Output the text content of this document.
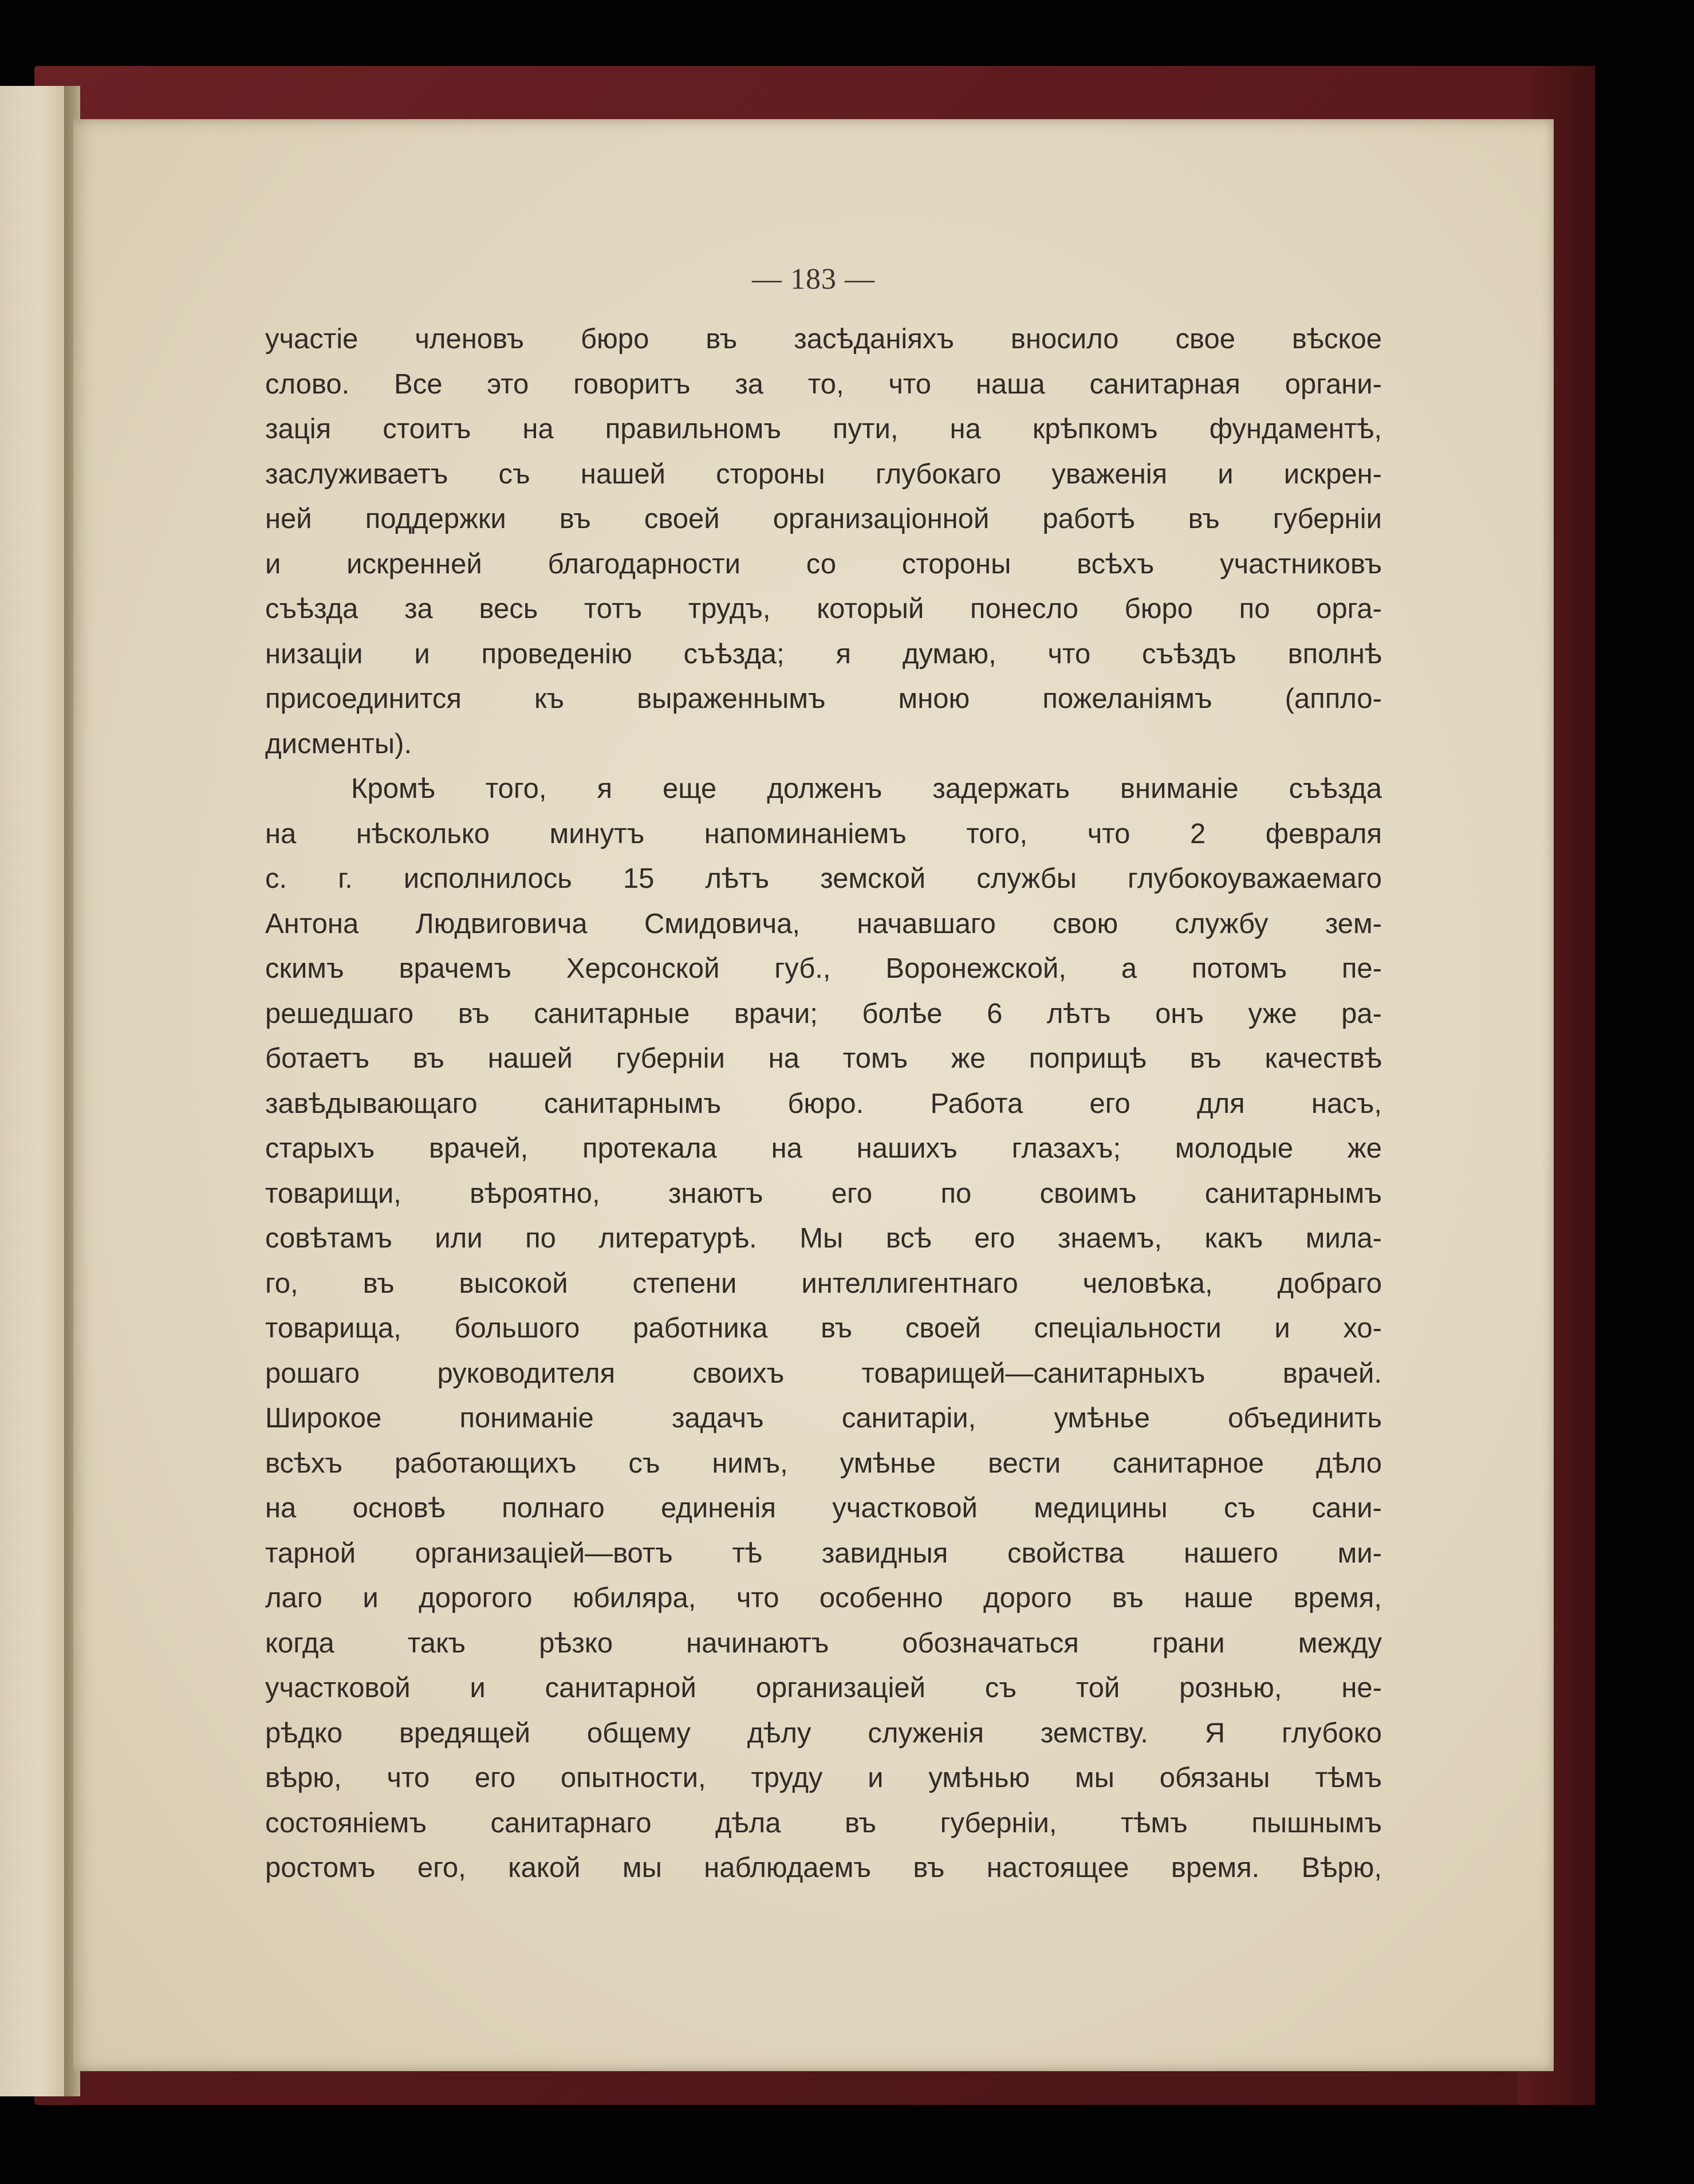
— 183 —
участіе членовъ бюро въ засѣданіяхъ вносило свое вѣское
слово. Все это говоритъ за то, что наша санитарная органи-
зація стоитъ на правильномъ пути, на крѣпкомъ фундаментѣ,
заслуживаетъ съ нашей стороны глубокаго уваженія и искрен-
ней поддержки въ своей организаціонной работѣ въ губерніи
и искренней благодарности со стороны всѣхъ участниковъ
съѣзда за весь тотъ трудъ, который понесло бюро по орга-
низаціи и проведенію съѣзда; я думаю, что съѣздъ вполнѣ
присоединится къ выраженнымъ мною пожеланіямъ (аппло-
дисменты).
Кромѣ того, я еще долженъ задержать вниманіе съѣзда
на нѣсколько минутъ напоминаніемъ того, что 2 февраля
с. г. исполнилось 15 лѣтъ земской службы глубокоуважаемаго
Антона Людвиговича Смидовича, начавшаго свою службу зем-
скимъ врачемъ Херсонской губ., Воронежской, а потомъ пе-
решедшаго въ санитарные врачи; болѣе 6 лѣтъ онъ уже ра-
ботаетъ въ нашей губерніи на томъ же поприщѣ въ качествѣ
завѣдывающаго санитарнымъ бюро. Работа его для насъ,
старыхъ врачей, протекала на нашихъ глазахъ; молодые же
товарищи, вѣроятно, знаютъ его по своимъ санитарнымъ
совѣтамъ или по литературѣ. Мы всѣ его знаемъ, какъ мила-
го, въ высокой степени интеллигентнаго человѣка, добраго
товарища, большого работника въ своей спеціальности и хо-
рошаго руководителя своихъ товарищей—санитарныхъ врачей.
Широкое пониманіе задачъ санитаріи, умѣнье объединить
всѣхъ работающихъ съ нимъ, умѣнье вести санитарное дѣло
на основѣ полнаго единенія участковой медицины съ сани-
тарной организаціей—вотъ тѣ завидныя свойства нашего ми-
лаго и дорогого юбиляра, что особенно дорого въ наше время,
когда такъ рѣзко начинаютъ обозначаться грани между
участковой и санитарной организаціей съ той рознью, не-
рѣдко вредящей общему дѣлу служенія земству. Я глубоко
вѣрю, что его опытности, труду и умѣнью мы обязаны тѣмъ
состояніемъ санитарнаго дѣла въ губерніи, тѣмъ пышнымъ
ростомъ его, какой мы наблюдаемъ въ настоящее время. Вѣрю,
